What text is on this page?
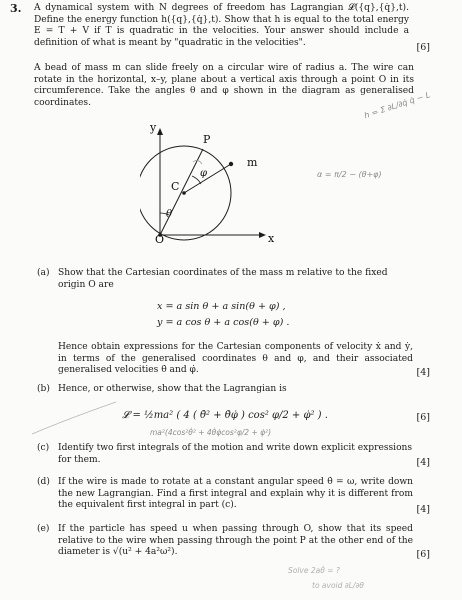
3. A dynamical system with N degrees of freedom has Lagrangian 𝓛({q},{q̇},t). Define the energy function h({q},{q̇},t). Show that h is equal to the total energy E = T + V if T is quadratic in the velocities. Your answer should include a definition of what is meant by "quadratic in the velocities".	[6]
A bead of mass m can slide freely on a circular wire of radius a. The wire can rotate in the horizontal, x–y, plane about a vertical axis through a point O in its circumference. Take the angles θ and φ shown in the diagram as generalised coordinates.	h = Σ ∂L/∂q̇ q̇ − L
α = π/2 − (θ+φ)
y
x
O
C
P
m
θ
φ
(a) Show that the Cartesian coordinates of the mass m relative to the fixed origin O are
x = a sin θ + a sin(θ + φ) ,
y = a cos θ + a cos(θ + φ) .
Hence obtain expressions for the Cartesian components of velocity ẋ and ẏ, in terms of the generalised coordinates θ and φ, and their associated generalised velocities θ̇ and φ̇.	[4]
(b) Hence, or otherwise, show that the Lagrangian is
𝓛 = ½ma² ( 4 ( θ̇² + θ̇φ̇ ) cos² φ/2 + φ̇² ) .	[6]
ma²(4cos²θ̇² + 4θ̇φ̇cos²φ/2 + φ̇²)
(c) Identify two first integrals of the motion and write down explicit expressions for them.	[4]
(d) If the wire is made to rotate at a constant angular speed θ̇ = ω, write down the new Lagrangian. Find a first integral and explain why it is different from the equivalent first integral in part (c).	[4]
(e) If the particle has speed u when passing through O, show that its speed relative to the wire when passing through the point P at the other end of the diameter is √(u² + 4a²ω²).	[6]
Solve 2aθ̇ = ?
to avoid ∂L/∂θ
